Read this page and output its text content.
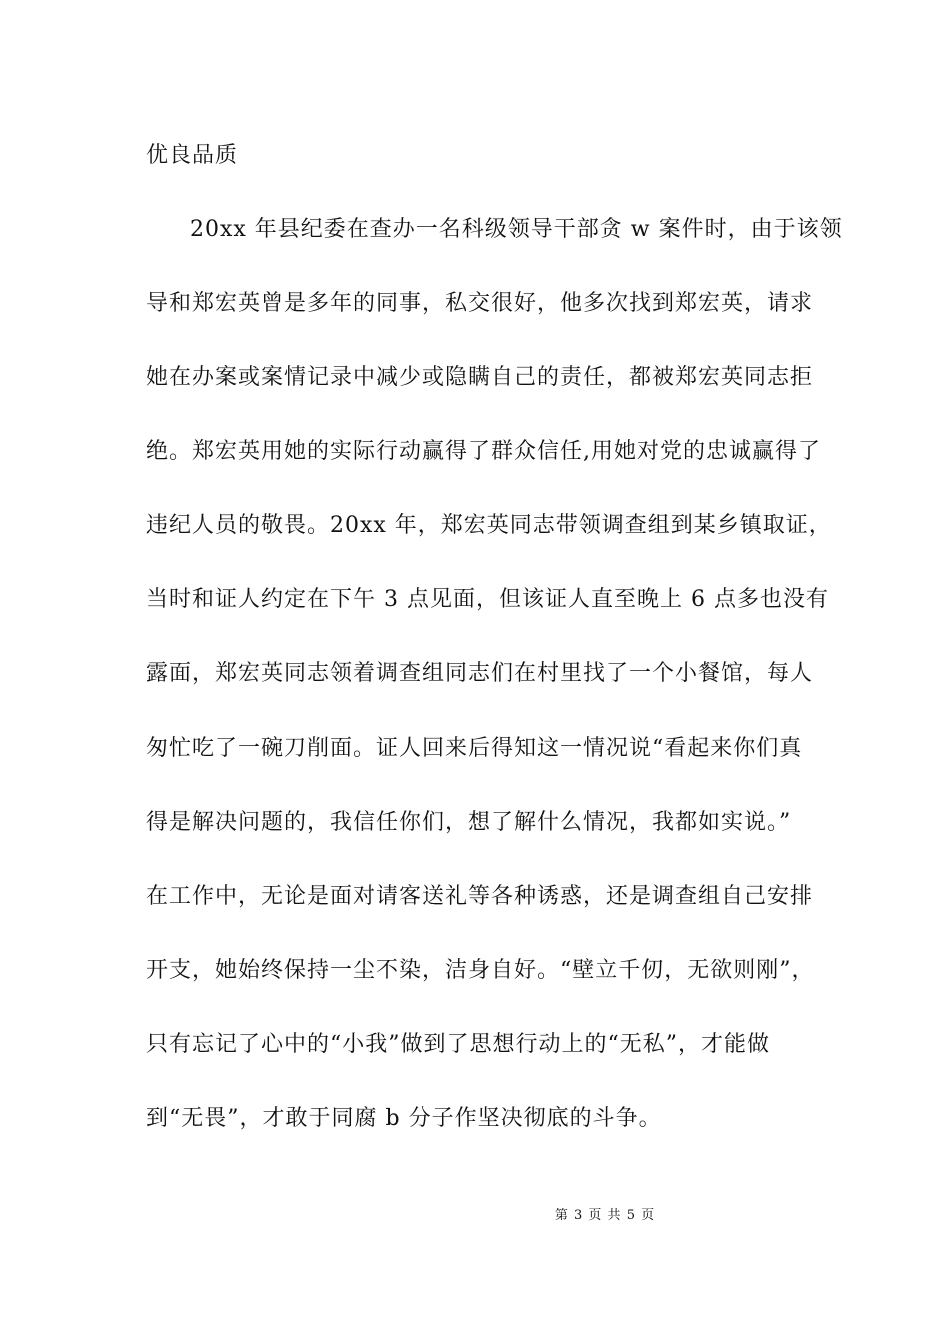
优良品质

20xx 年县纪委在查办一名科级领导干部贪 w 案件时，由于该领

导和郑宏英曾是多年的同事，私交很好，他多次找到郑宏英，请求

她在办案或案情记录中减少或隐瞒自己的责任，都被郑宏英同志拒

绝。郑宏英用她的实际行动赢得了群众信任,用她对党的忠诚赢得了

违纪人员的敬畏。20xx 年，郑宏英同志带领调查组到某乡镇取证，

当时和证人约定在下午 3 点见面，但该证人直至晚上 6 点多也没有

露面，郑宏英同志领着调查组同志们在村里找了一个小餐馆，每人

匆忙吃了一碗刀削面。证人回来后得知这一情况说“看起来你们真

得是解决问题的，我信任你们，想了解什么情况，我都如实说。”

在工作中，无论是面对请客送礼等各种诱惑，还是调查组自己安排

开支，她始终保持一尘不染，洁身自好。“壁立千仞，无欲则刚”，

只有忘记了心中的“小我”做到了思想行动上的“无私”，才能做

到“无畏”，才敢于同腐 b 分子作坚决彻底的斗争。

第 3 页 共 5 页
